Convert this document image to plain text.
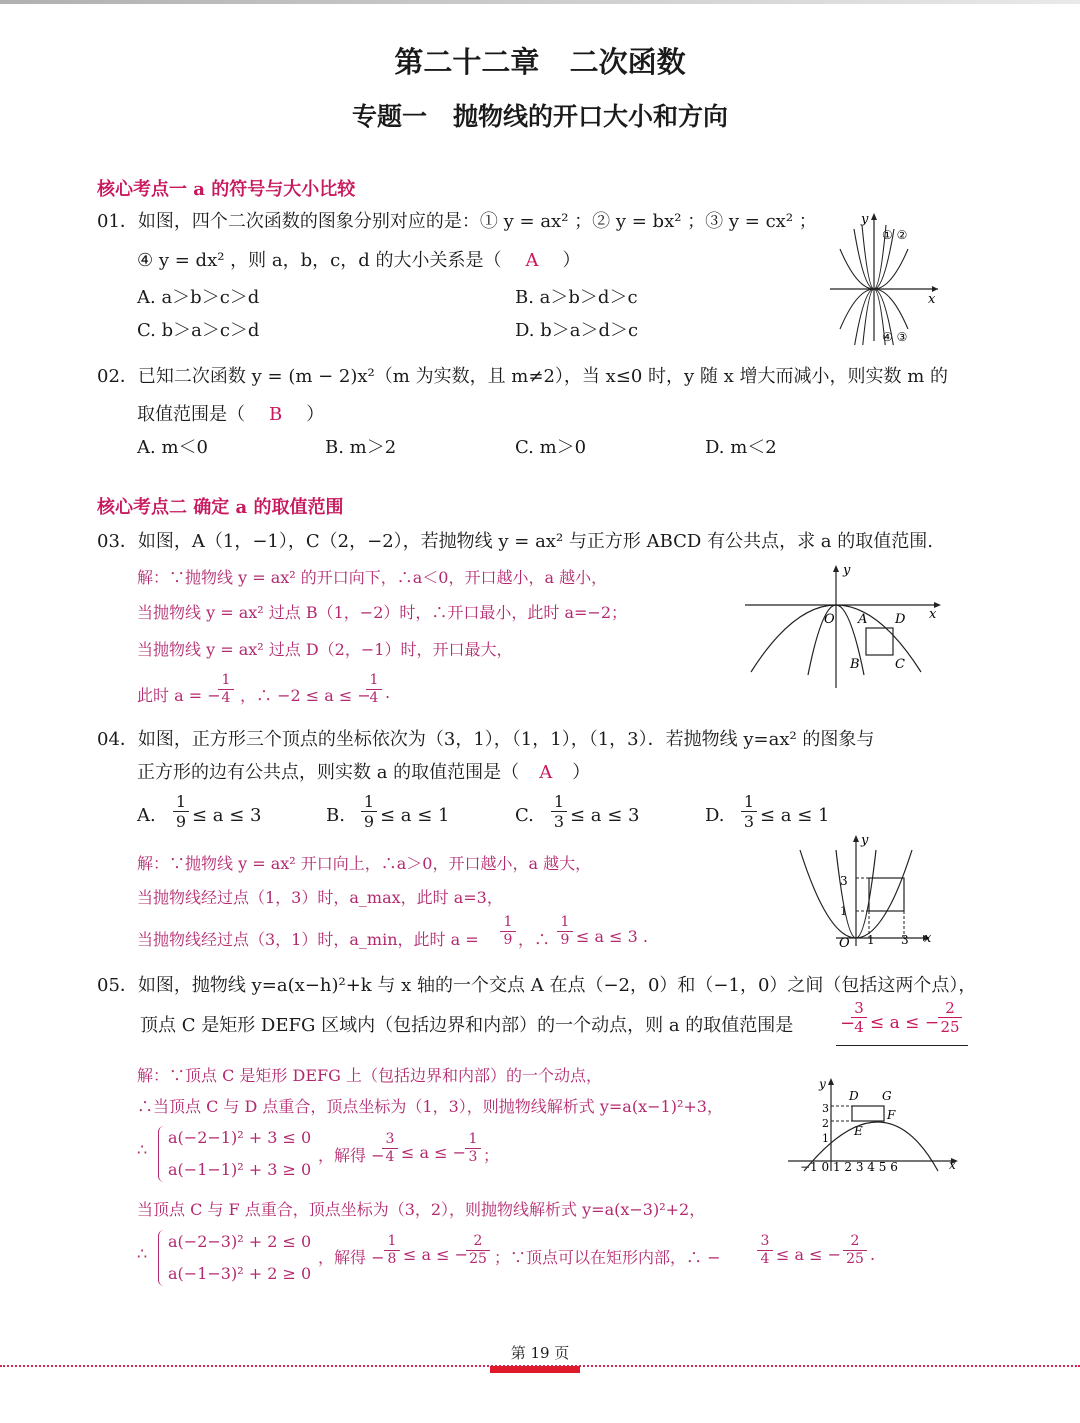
第二十二章   二次函数
专题一   抛物线的开口大小和方向
核心考点一 a 的符号与大小比较
01．如图，四个二次函数的图象分别对应的是：① y = ax² ；② y = bx² ；③ y = cx² ；
④ y = dx² ，则 a，b，c，d 的大小关系是（ A ）
A. a＞b＞c＞d	B. a＞b＞d＞c
C. b＞a＞c＞d	D. b＞a＞d＞c
y
x
① ②
④ ③
02．已知二次函数 y = (m − 2)x²（m 为实数，且 m≠2），当 x≤0 时，y 随 x 增大而减小，则实数 m 的
取值范围是（ B ）
A. m＜0	B. m＞2	C. m＞0	D. m＜2
核心考点二 确定 a 的取值范围
03．如图，A（1，−1），C（2，−2），若抛物线 y = ax² 与正方形 ABCD 有公共点，求 a 的取值范围.
解：∵抛物线 y = ax² 的开口向下，∴a＜0，开口越小，a 越小，
当抛物线 y = ax² 过点 B（1，−2）时，∴开口最小，此时 a=−2；
当抛物线 y = ax² 过点 D（2，−1）时，开口最大，
此时 a = −
1
4 ，∴ −2 ≤ a ≤ −
1
4 .
y
x
O A D
B	C
04．如图，正方形三个顶点的坐标依次为（3，1），（1，1），（1，3）．若抛物线 y=ax² 的图象与
正方形的边有公共点，则实数 a 的取值范围是（ A ）
A.
1
9 ≤ a ≤ 3	B.
1
9 ≤ a ≤ 1	C.
1
3 ≤ a ≤ 3	D.
1
3 ≤ a ≤ 1
解：∵抛物线 y = ax² 开口向上，∴a＞0，开口越小，a 越大，
当抛物线经过点（1，3）时，a_max，此时 a=3，
当抛物线经过点（3，1）时，a_min，此时 a =
1
9 ，∴
1
9 ≤ a ≤ 3 .
y
x
O 1 3
1
3
05．如图，抛物线 y=a(x−h)²+k 与 x 轴的一个交点 A 在点（−2，0）和（−1，0）之间（包括这两个点），
顶点 C 是矩形 DEFG 区域内（包括边界和内部）的一个动点，则 a 的取值范围是	−
3
4 ≤ a ≤ −
2
25
解：∵顶点 C 是矩形 DEFG 上（包括边界和内部）的一个动点，
∴当顶点 C 与 D 点重合，顶点坐标为（1，3），则抛物线解析式 y=a(x−1)²+3，
∴
a(−2−1)² + 3 ≤ 0
a(−1−1)² + 3 ≥ 0
，解得 −
3
4 ≤ a ≤ −
1
3 ；
当顶点 C 与 F 点重合，顶点坐标为（3，2），则抛物线解析式 y=a(x−3)²+2，
∴
a(−2−3)² + 2 ≤ 0
a(−1−3)² + 2 ≥ 0
，解得 −
1
8 ≤ a ≤ −
2
25 ；∵顶点可以在矩形内部，∴ −
3
4 ≤ a ≤ −
2
25 .
y
x
−1 0 1 2 3 4 5 6
3
2
1
D G
E
F
第 19 页
